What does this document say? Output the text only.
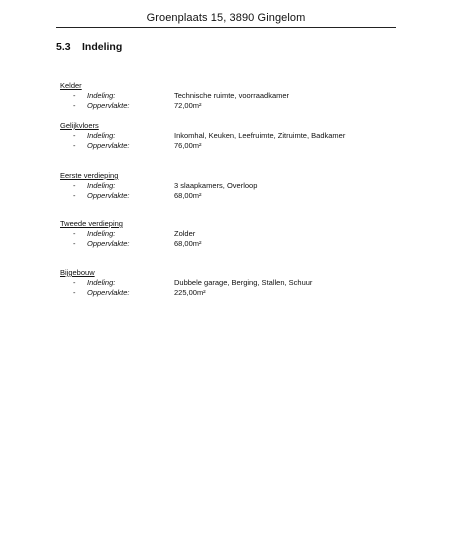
Groenplaats 15, 3890 Gingelom
5.3 Indeling
Kelder
- Indeling:	Technische ruimte, voorraadkamer
- Oppervlakte:	72,00m²
Gelijkvloers
- Indeling:	Inkomhal, Keuken, Leefruimte, Zitruimte, Badkamer
- Oppervlakte:	76,00m²
Eerste verdieping
- Indeling:	3 slaapkamers, Overloop
- Oppervlakte:	68,00m²
Tweede verdieping
- Indeling:	Zolder
- Oppervlakte:	68,00m²
Bijgebouw
- Indeling:	Dubbele garage, Berging, Stallen, Schuur
- Oppervlakte:	225,00m²
